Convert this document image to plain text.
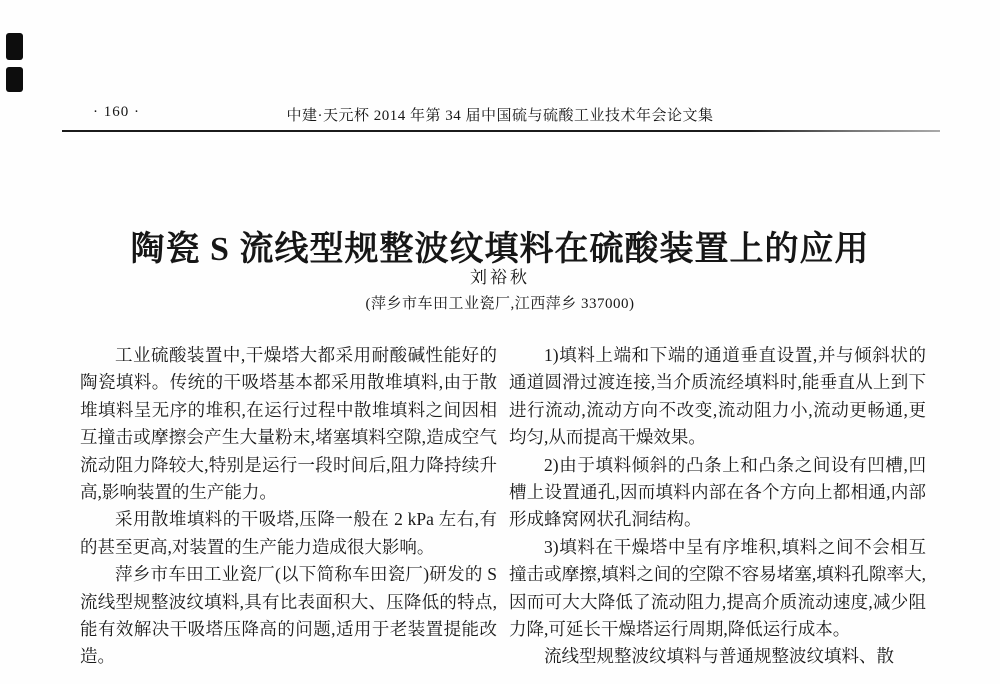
· 160 ·	中建·天元杯 2014 年第 34 届中国硫与硫酸工业技术年会论文集
陶瓷 S 流线型规整波纹填料在硫酸装置上的应用
刘裕秋
(萍乡市车田工业瓷厂,江西萍乡 337000)

工业硫酸装置中,干燥塔大都采用耐酸碱性能好的陶瓷填料。传统的干吸塔基本都采用散堆填料,由于散堆填料呈无序的堆积,在运行过程中散堆填料之间因相互撞击或摩擦会产生大量粉末,堵塞填料空隙,造成空气流动阻力降较大,特别是运行一段时间后,阻力降持续升高,影响装置的生产能力。

采用散堆填料的干吸塔,压降一般在 2 kPa 左右,有的甚至更高,对装置的生产能力造成很大影响。

萍乡市车田工业瓷厂(以下简称车田瓷厂)研发的 S 流线型规整波纹填料,具有比表面积大、压降低的特点,能有效解决干吸塔压降高的问题,适用于老装置提能改造。

1)填料上端和下端的通道垂直设置,并与倾斜状的通道圆滑过渡连接,当介质流经填料时,能垂直从上到下进行流动,流动方向不改变,流动阻力小,流动更畅通,更均匀,从而提高干燥效果。

2)由于填料倾斜的凸条上和凸条之间设有凹槽,凹槽上设置通孔,因而填料内部在各个方向上都相通,内部形成蜂窝网状孔洞结构。

3)填料在干燥塔中呈有序堆积,填料之间不会相互撞击或摩擦,填料之间的空隙不容易堵塞,填料孔隙率大,因而可大大降低了流动阻力,提高介质流动速度,减少阻力降,可延长干燥塔运行周期,降低运行成本。

流线型规整波纹填料与普通规整波纹填料、散
